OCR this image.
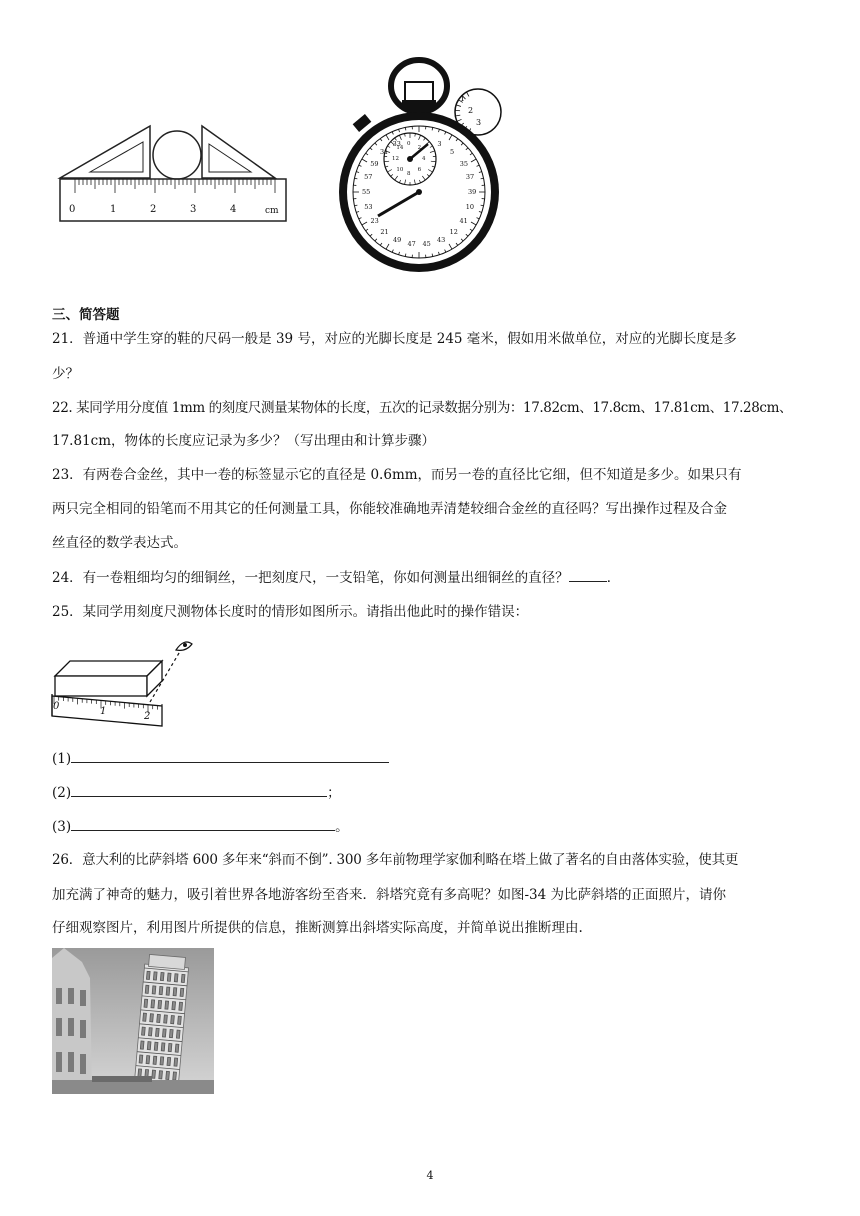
0	1	2	3	4	cm
3
5
35
37
39
10
41
12
43
45
47
49
21
23
53
55
57
59
31
33 0
2
4
6
8
10
12
14
1
2
3
三、简答题
21．普通中学生穿的鞋的尺码一般是 39 号，对应的光脚长度是 245 毫米，假如用米做单位，对应的光脚长度是多
少？
22. 某同学用分度值 1mm 的刻度尺测量某物体的长度，五次的记录数据分别为：17.82cm、17.8cm、17.81cm、17.28cm、
17.81cm，物体的长度应记录为多少？（写出理由和计算步骤）
23．有两卷合金丝，其中一卷的标签显示它的直径是 0.6mm，而另一卷的直径比它细，但不知道是多少。如果只有
两只完全相同的铅笔而不用其它的任何测量工具，你能较准确地弄清楚较细合金丝的直径吗？写出操作过程及合金
丝直径的数学表达式。
24．有一卷粗细均匀的细铜丝，一把刻度尺，一支铅笔，你如何测量出细铜丝的直径？	．
25．某同学用刻度尺测物体长度时的情形如图所示。请指出他此时的操作错误：
0	1	2
(1)
(2)	；
(3)	。
26．意大利的比萨斜塔 600 多年来“斜而不倒”. 300 多年前物理学家伽利略在塔上做了著名的自由落体实验，使其更
加充满了神奇的魅力，吸引着世界各地游客纷至沓来．斜塔究竟有多高呢？如图-34 为比萨斜塔的正面照片，请你
仔细观察图片，利用图片所提供的信息，推断测算出斜塔实际高度，并简单说出推断理由.
4
